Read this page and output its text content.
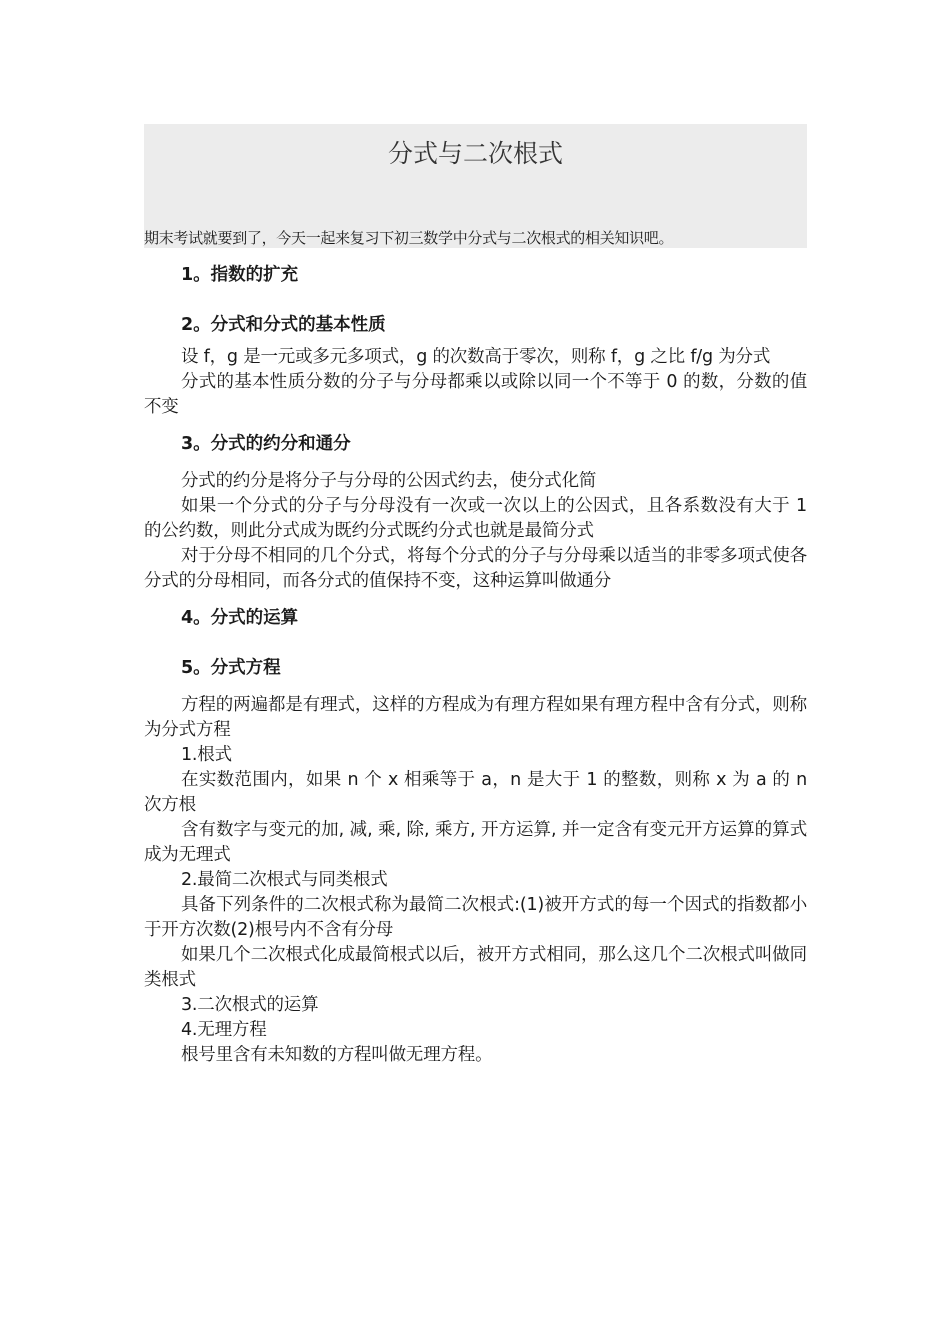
分式与二次根式

期末考试就要到了，今天一起来复习下初三数学中分式与二次根式的相关知识吧。

1。指数的扩充
2。分式和分式的基本性质

设 f，g 是一元或多元多项式，g 的次数高于零次，则称 f，g 之比 f/g 为分式

分式的基本性质分数的分子与分母都乘以或除以同一个不等于 0 的数，分数的值不变

3。分式的约分和通分

分式的约分是将分子与分母的公因式约去，使分式化简

如果一个分式的分子与分母没有一次或一次以上的公因式，且各系数没有大于 1 的公约数，则此分式成为既约分式既约分式也就是最简分式

对于分母不相同的几个分式，将每个分式的分子与分母乘以适当的非零多项式使各分式的分母相同，而各分式的值保持不变，这种运算叫做通分

4。分式的运算
5。分式方程

方程的两遍都是有理式，这样的方程成为有理方程如果有理方程中含有分式，则称为分式方程

1.根式

在实数范围内，如果 n 个 x 相乘等于 a，n 是大于 1 的整数，则称 x 为 a 的 n 次方根

含有数字与变元的加, 减, 乘, 除, 乘方, 开方运算, 并一定含有变元开方运算的算式成为无理式

2.最简二次根式与同类根式

具备下列条件的二次根式称为最简二次根式:(1)被开方式的每一个因式的指数都小于开方次数(2)根号内不含有分母

如果几个二次根式化成最简根式以后，被开方式相同，那么这几个二次根式叫做同类根式

3.二次根式的运算

4.无理方程

根号里含有未知数的方程叫做无理方程。
